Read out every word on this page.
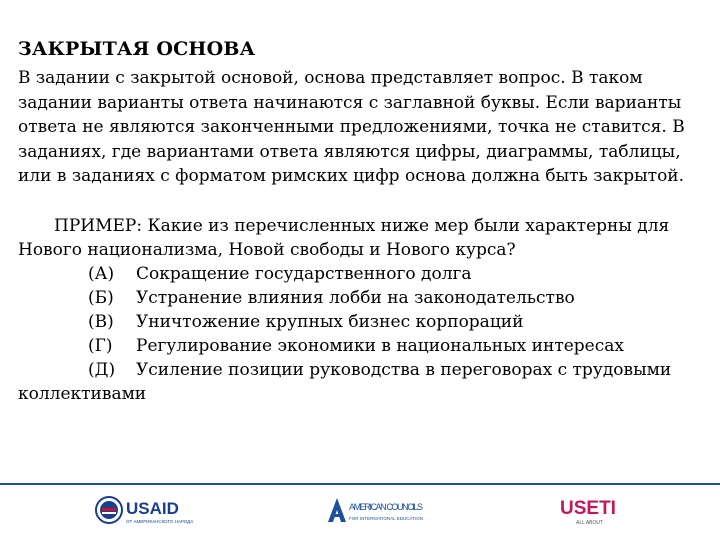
ЗАКРЫТАЯ ОСНОВА

В задании с закрытой основой, основа представляет вопрос. В таком задании варианты ответа начинаются с заглавной буквы. Если варианты ответа не являются законченными предложениями, точка не ставится. В заданиях, где вариантами ответа являются цифры, диаграммы, таблицы, или в заданиях с форматом римских цифр основа должна быть закрытой.

ПРИМЕР: Какие из перечисленных ниже мер были характерны для Нового национализма, Новой свободы и Нового курса?

(А) Сокращение государственного долга
(Б) Устранение влияния лобби на законодательство
(В) Уничтожение крупных бизнес корпораций
(Г) Регулирование экономики в национальных интересах
(Д) Усиление позиции руководства в переговорах с трудовыми
коллективами
USAID
ОТ АМЕРИКАНСКОГО НАРОДА
AMERICAN COUNCILS
FOR INTERNATIONAL EDUCATION	USETI
ALL ABOUT
